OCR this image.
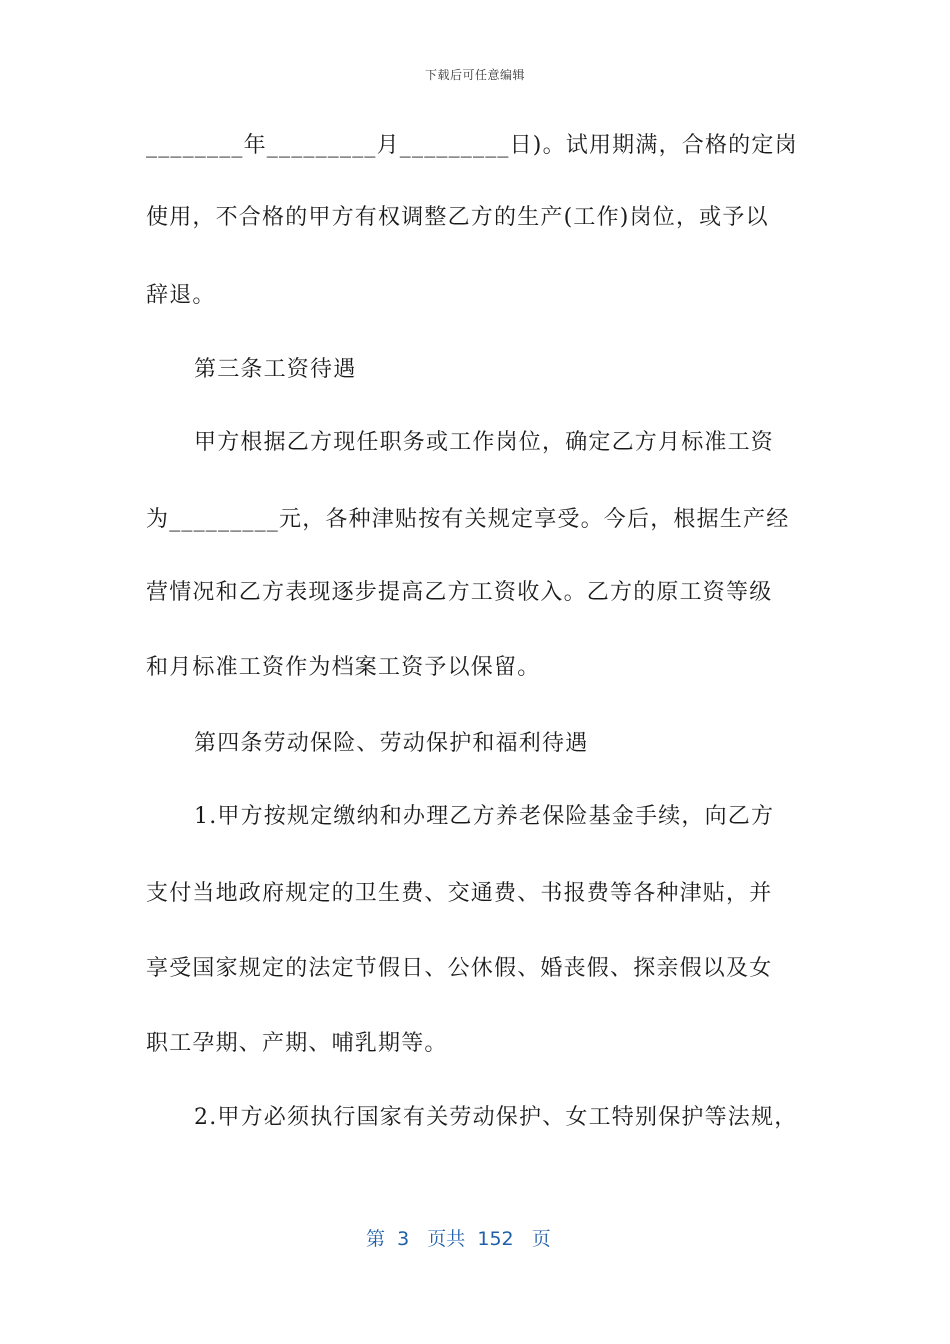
下载后可任意编辑
________年_________月_________日)。试用期满，合格的定岗
使用，不合格的甲方有权调整乙方的生产(工作)岗位，或予以
辞退。
第三条工资待遇
甲方根据乙方现任职务或工作岗位，确定乙方月标准工资
为_________元，各种津贴按有关规定享受。今后，根据生产经
营情况和乙方表现逐步提高乙方工资收入。乙方的原工资等级
和月标准工资作为档案工资予以保留。
第四条劳动保险、劳动保护和福利待遇
1.甲方按规定缴纳和办理乙方养老保险基金手续，向乙方
支付当地政府规定的卫生费、交通费、书报费等各种津贴，并
享受国家规定的法定节假日、公休假、婚丧假、探亲假以及女
职工孕期、产期、哺乳期等。
2.甲方必须执行国家有关劳动保护、女工特别保护等法规，
第  3   页共  152   页
